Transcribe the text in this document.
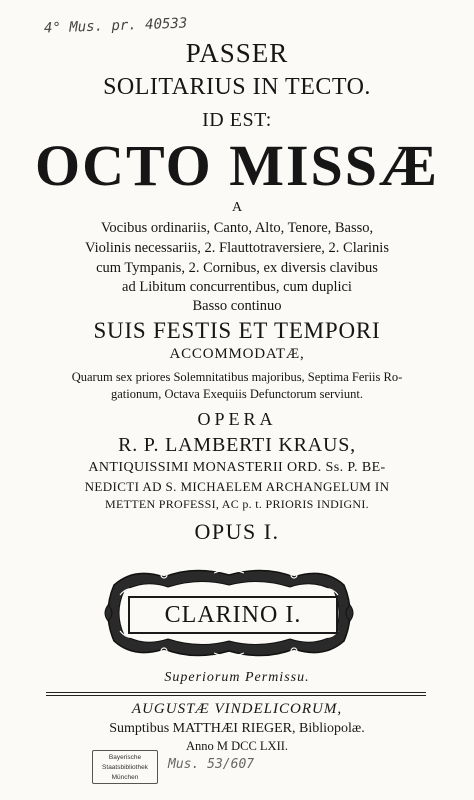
4° Mus. pr. 40533
PASSER
SOLITARIUS IN TECTO.
ID EST:
OCTO MISSÆ
A
Vocibus ordinariis, Canto, Alto, Tenore, Basso,
Violinis necessariis, 2. Flauttotraversiere, 2. Clarinis
cum Tympanis, 2. Cornibus, ex diversis clavibus
ad Libitum concurrentibus, cum duplici
Basso continuo
SUIS FESTIS ET TEMPORI
ACCOMMODATÆ,
Quarum sex priores Solemnitatibus majoribus, Septima Feriis Ro-
gationum, Octava Exequiis Defunctorum serviunt.
OPERA
R. P. LAMBERTI KRAUS,
ANTIQUISSIMI MONASTERII ORD. Ss. P. BE-
NEDICTI AD S. MICHAELEM ARCHANGELUM IN
METTEN PROFESSI, AC p. t. PRIORIS INDIGNI.
OPUS I.
CLARINO I.
Superiorum Permissu.
AUGUSTÆ VINDELICORUM,
Sumptibus MATTHÆI RIEGER, Bibliopolæ.
Anno M DCC LXII.
Bayerische
Staatsbibliothek
München
Mus. 53/607
